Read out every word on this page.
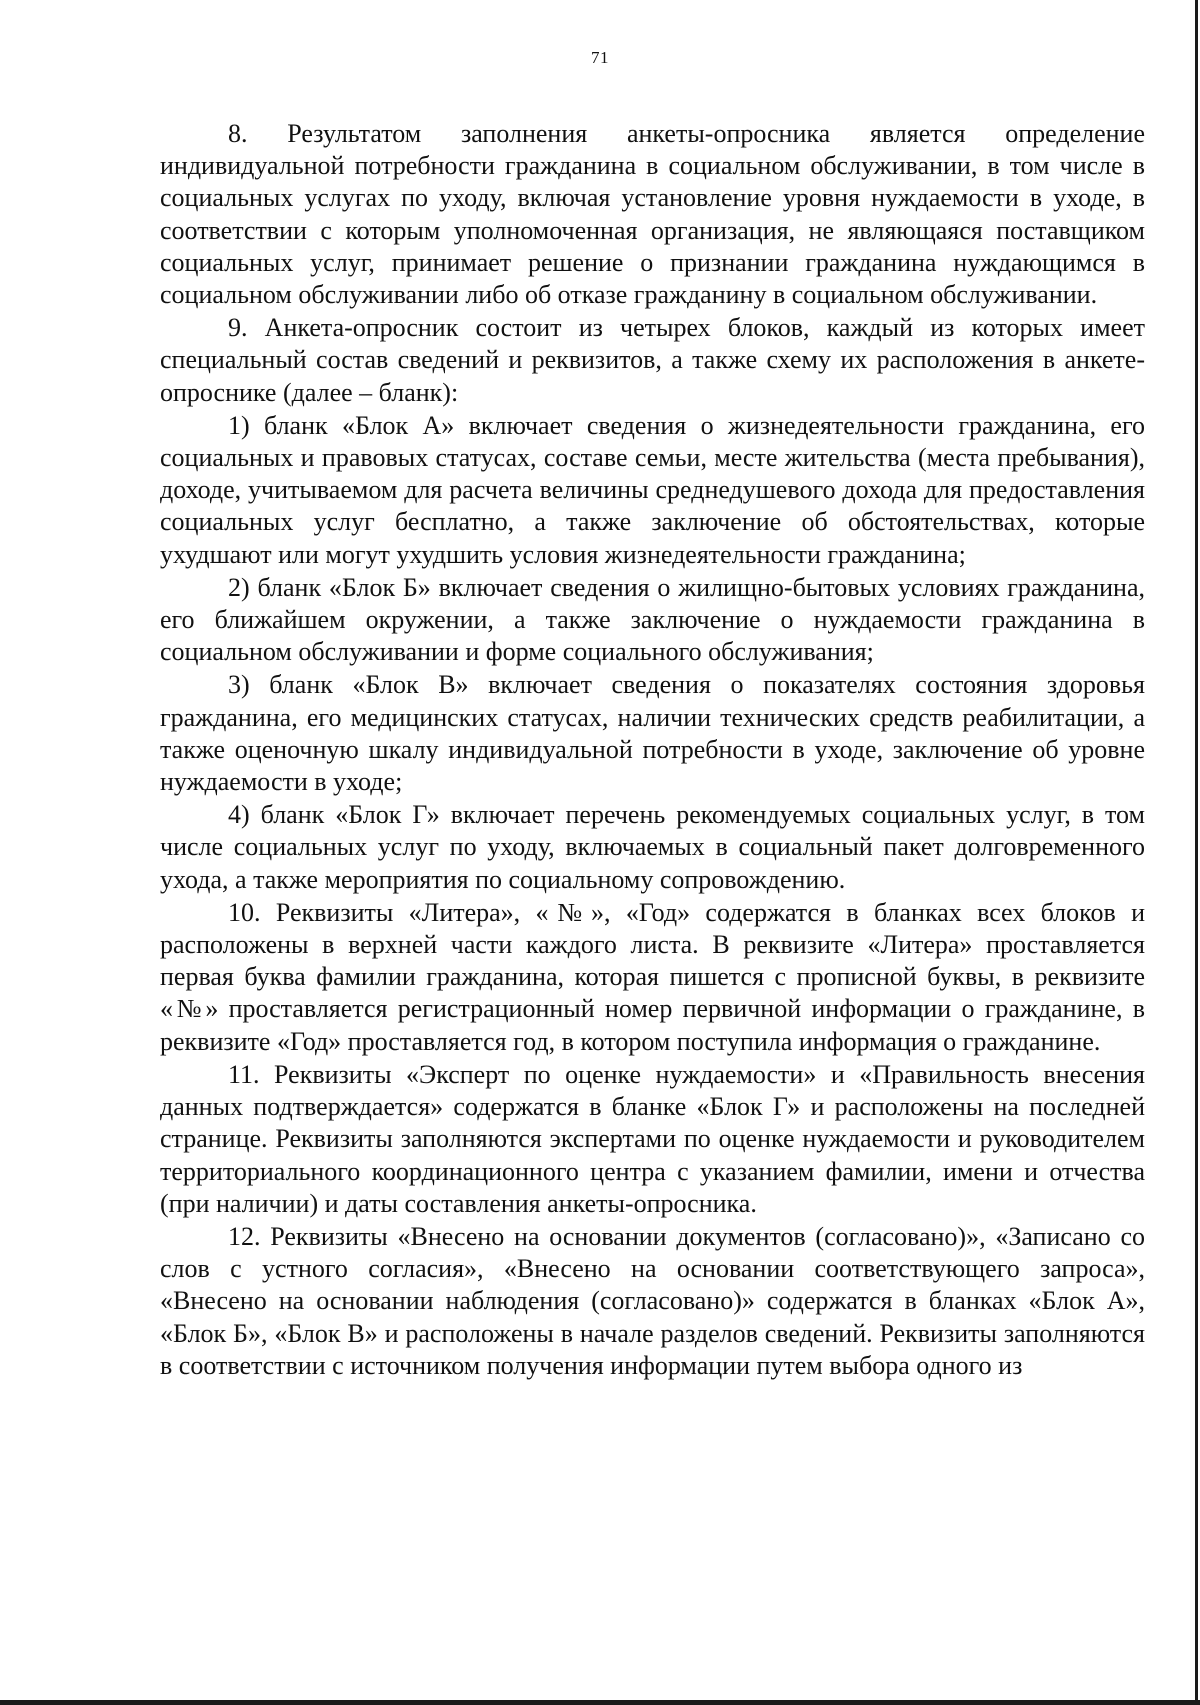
71

8. Результатом заполнения анкеты-опросника является определение индивидуальной потребности гражданина в социальном обслуживании, в том числе в социальных услугах по уходу, включая установление уровня нуждаемости в уходе, в соответствии с которым уполномоченная организация, не являющаяся поставщиком социальных услуг, принимает решение о признании гражданина нуждающимся в социальном обслуживании либо об отказе гражданину в социальном обслуживании.

9. Анкета-опросник состоит из четырех блоков, каждый из которых имеет специальный состав сведений и реквизитов, а также схему их расположения в анкете-опроснике (далее – бланк):

1) бланк «Блок А» включает сведения о жизнедеятельности гражданина, его социальных и правовых статусах, составе семьи, месте жительства (места пребывания), доходе, учитываемом для расчета величины среднедушевого дохода для предоставления социальных услуг бесплатно, а также заключение об обстоятельствах, которые ухудшают или могут ухудшить условия жизнедеятельности гражданина;

2) бланк «Блок Б» включает сведения о жилищно-бытовых условиях гражданина, его ближайшем окружении, а также заключение о нуждаемости гражданина в социальном обслуживании и форме социального обслуживания;

3) бланк «Блок В» включает сведения о показателях состояния здоровья гражданина, его медицинских статусах, наличии технических средств реабилитации, а также оценочную шкалу индивидуальной потребности в уходе, заключение об уровне нуждаемости в уходе;

4) бланк «Блок Г» включает перечень рекомендуемых социальных услуг, в том числе социальных услуг по уходу, включаемых в социальный пакет долговременного ухода, а также мероприятия по социальному сопровождению.

10. Реквизиты «Литера», «№», «Год» содержатся в бланках всех блоков и расположены в верхней части каждого листа. В реквизите «Литера» проставляется первая буква фамилии гражданина, которая пишется с прописной буквы, в реквизите «№» проставляется регистрационный номер первичной информации о гражданине, в реквизите «Год» проставляется год, в котором поступила информация о гражданине.

11. Реквизиты «Эксперт по оценке нуждаемости» и «Правильность внесения данных подтверждается» содержатся в бланке «Блок Г» и расположены на последней странице. Реквизиты заполняются экспертами по оценке нуждаемости и руководителем территориального координационного центра с указанием фамилии, имени и отчества (при наличии) и даты составления анкеты-опросника.

12. Реквизиты «Внесено на основании документов (согласовано)», «Записано со слов с устного согласия», «Внесено на основании соответствующего запроса», «Внесено на основании наблюдения (согласовано)» содержатся в бланках «Блок А», «Блок Б», «Блок В» и расположены в начале разделов сведений. Реквизиты заполняются в соответствии с источником получения информации путем выбора одного из
